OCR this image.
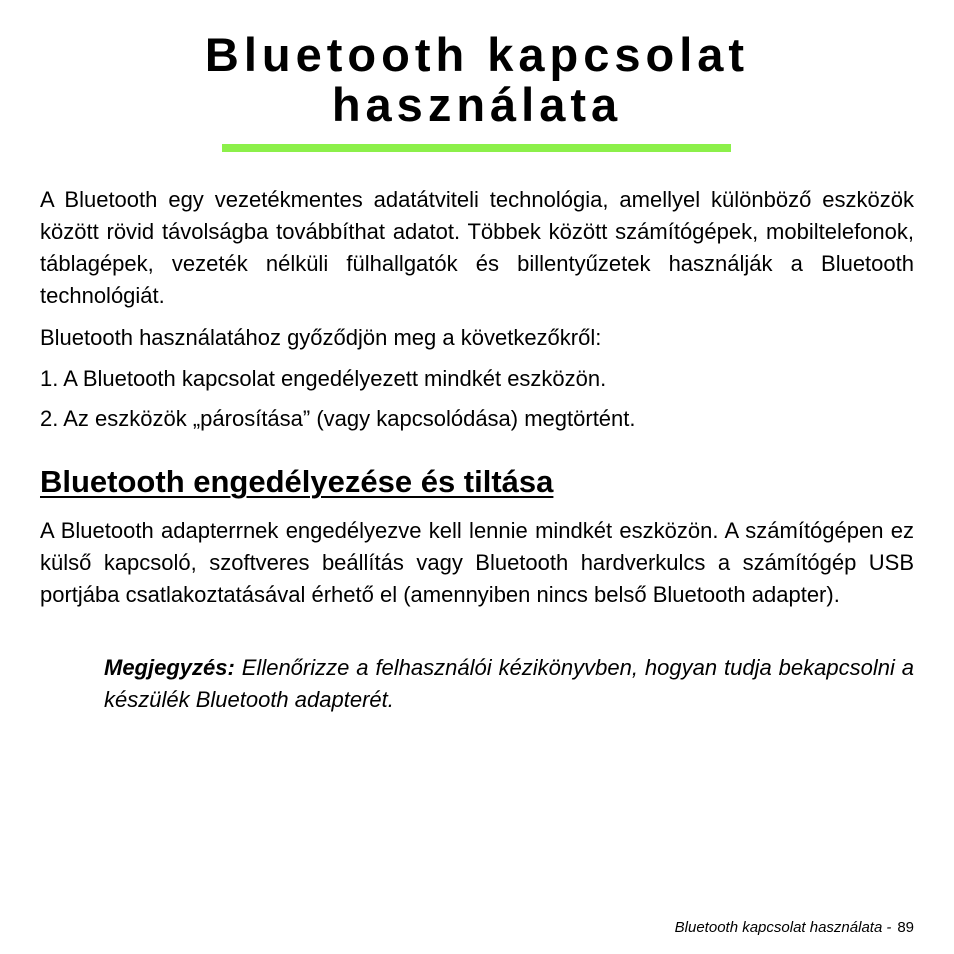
Bluetooth kapcsolat
használata

A Bluetooth egy vezetékmentes adatátviteli technológia, amellyel különböző eszközök között rövid távolságba továbbíthat adatot. Többek között számítógépek, mobiltelefonok, táblagépek, vezeték nélküli fülhallgatók és billentyűzetek használják a Bluetooth technológiát.

Bluetooth használatához győződjön meg a következőkről:

1. A Bluetooth kapcsolat engedélyezett mindkét eszközön.

2. Az eszközök „párosítása” (vagy kapcsolódása) megtörtént.

Bluetooth engedélyezése és tiltása

A Bluetooth adapterrnek engedélyezve kell lennie mindkét eszközön. A számítógépen ez külső kapcsoló, szoftveres beállítás vagy Bluetooth hardverkulcs a számítógép USB portjába csatlakoztatásával érhető el (amennyiben nincs belső Bluetooth adapter).

Megjegyzés: Ellenőrizze a felhasználói kézikönyvben, hogyan tudja bekapcsolni a készülék Bluetooth adapterét.

Bluetooth kapcsolat használata - 89
